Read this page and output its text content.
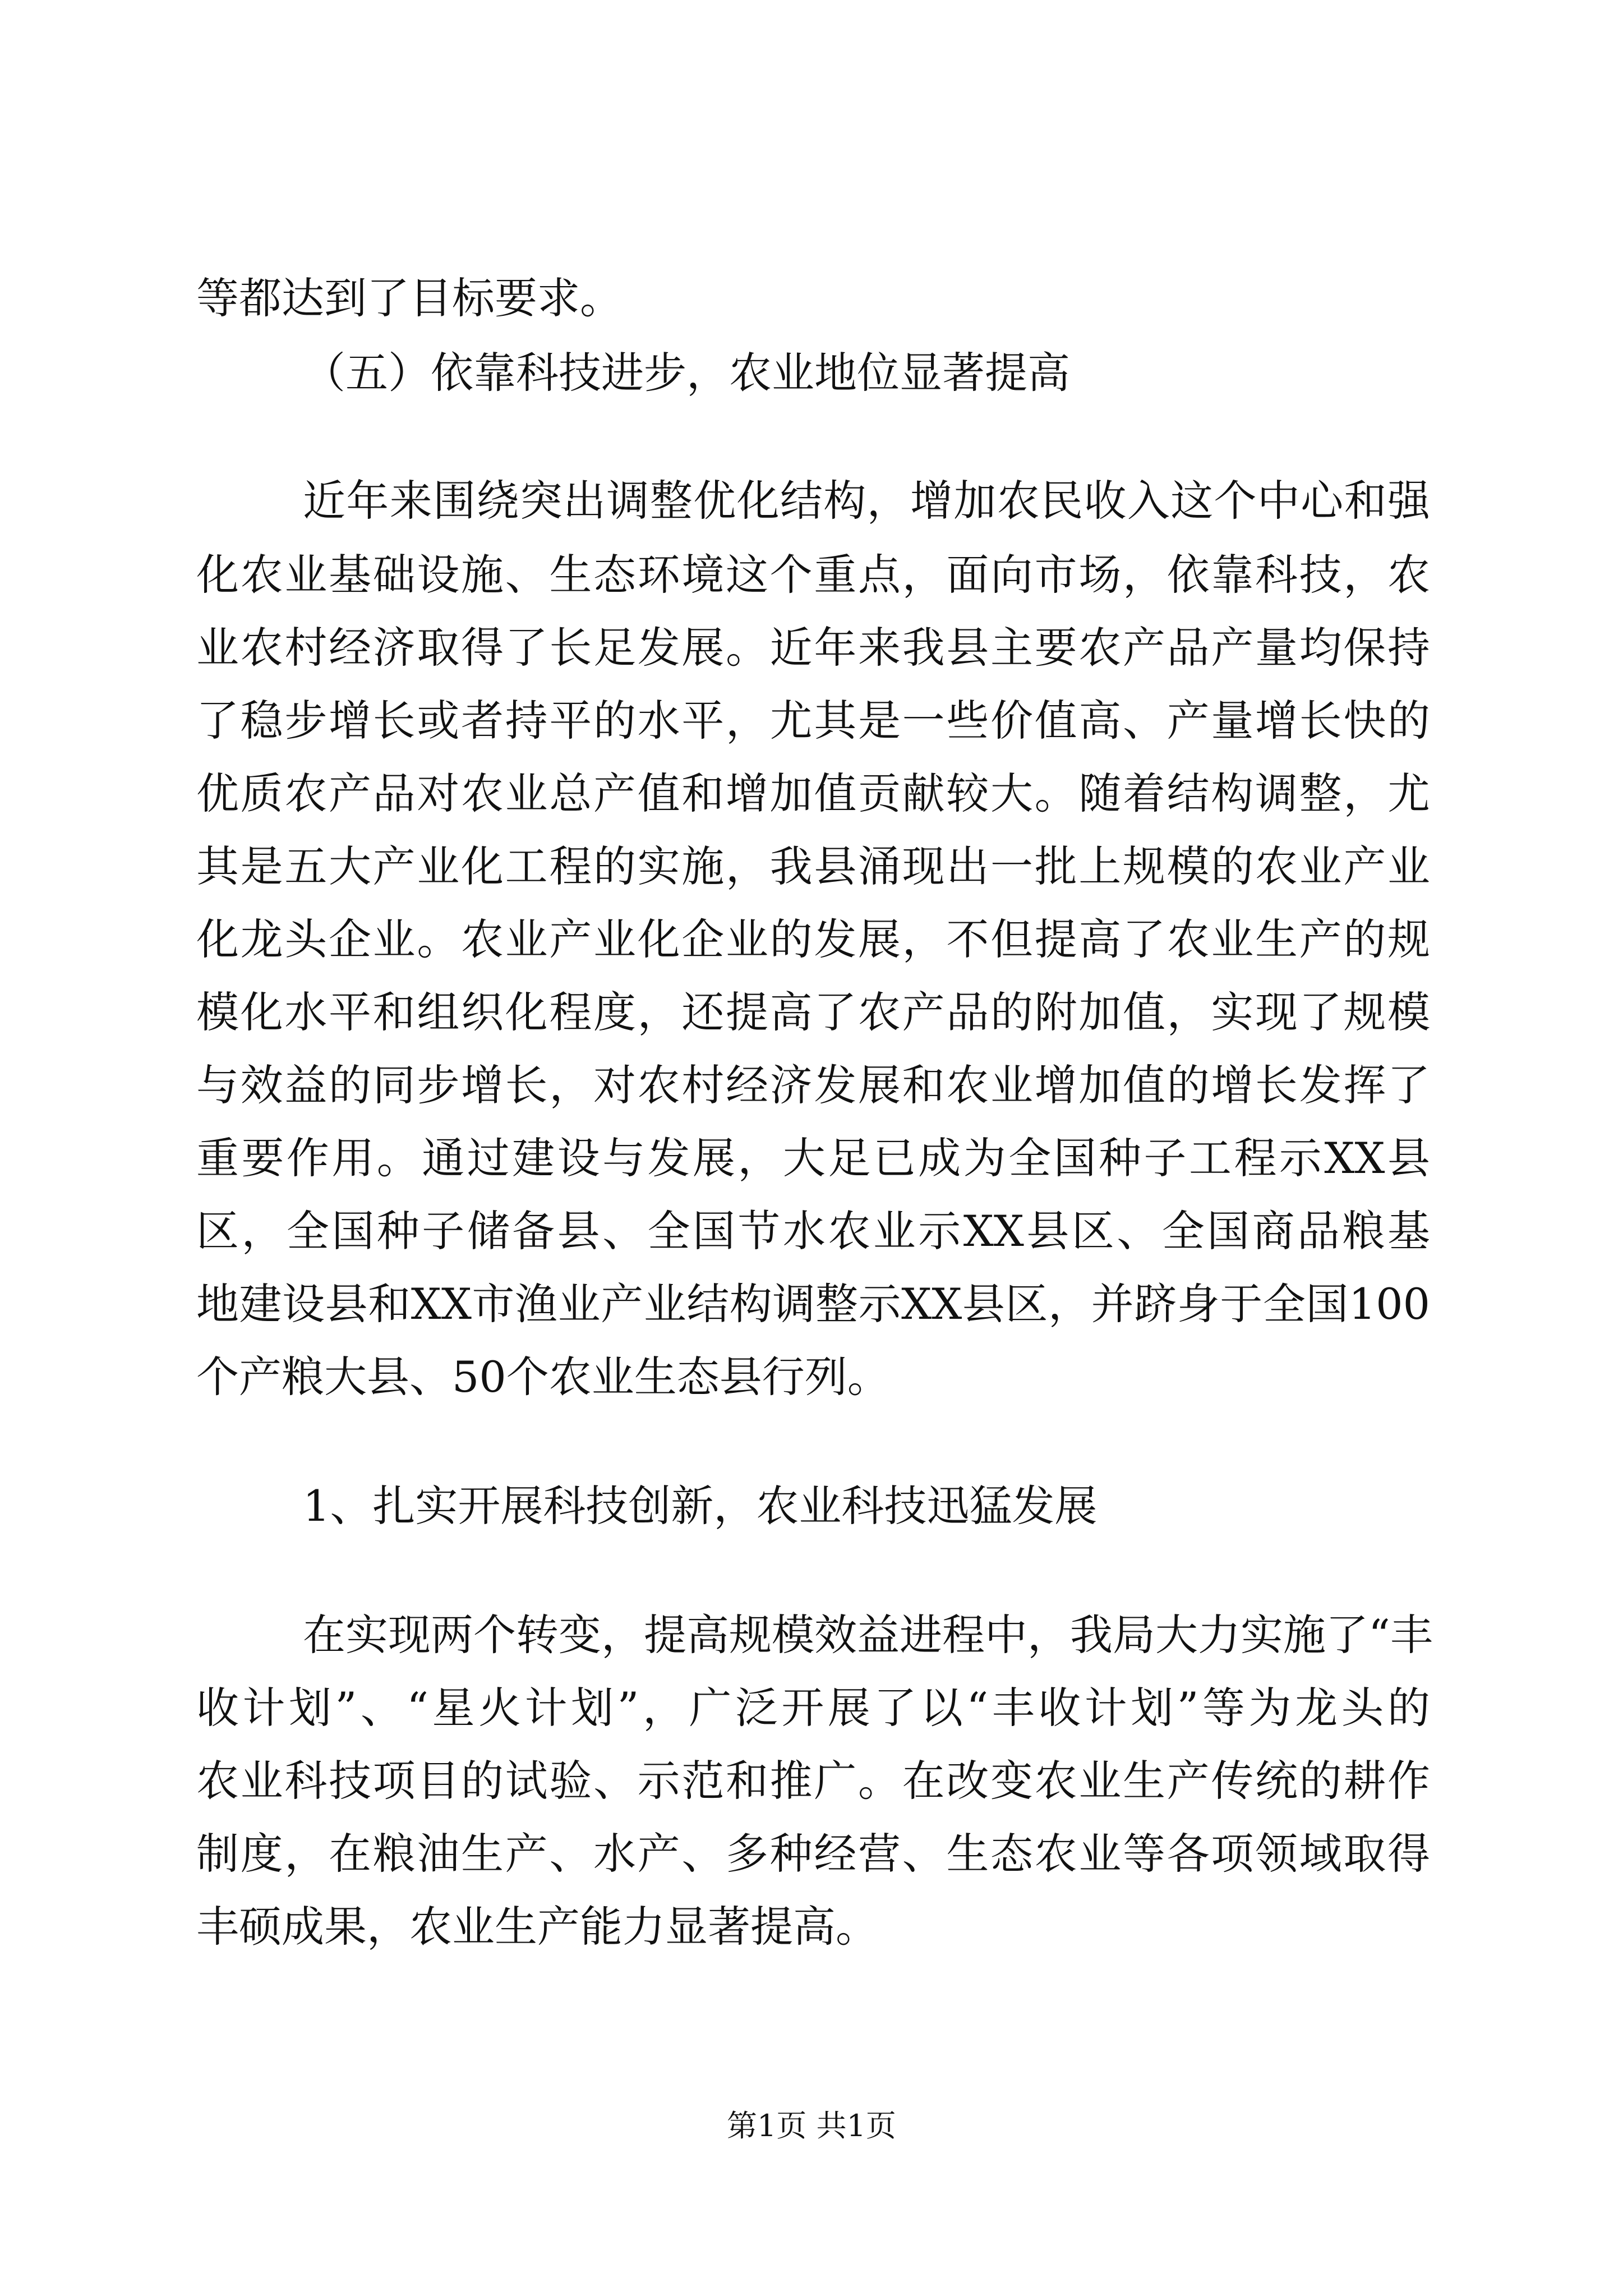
等都达到了目标要求。
（五）依靠科技进步，农业地位显著提高
近年来围绕突出调整优化结构，增加农民收入这个中心和强
化农业基础设施、生态环境这个重点，面向市场，依靠科技，农
业农村经济取得了长足发展。近年来我县主要农产品产量均保持
了稳步增长或者持平的水平，尤其是一些价值高、产量增长快的
优质农产品对农业总产值和增加值贡献较大。随着结构调整，尤
其是五大产业化工程的实施，我县涌现出一批上规模的农业产业
化龙头企业。农业产业化企业的发展，不但提高了农业生产的规
模化水平和组织化程度，还提高了农产品的附加值，实现了规模
与效益的同步增长，对农村经济发展和农业增加值的增长发挥了
重要作用。通过建设与发展，大足已成为全国种子工程示XX县
区，全国种子储备县、全国节水农业示XX县区、全国商品粮基
地建设县和XX市渔业产业结构调整示XX县区，并跻身于全国100
个产粮大县、50个农业生态县行列。
1、扎实开展科技创新，农业科技迅猛发展
在实现两个转变，提高规模效益进程中，我局大力实施了“丰
收计划”、“星火计划”，广泛开展了以“丰收计划”等为龙头的
农业科技项目的试验、示范和推广。在改变农业生产传统的耕作
制度，在粮油生产、水产、多种经营、生态农业等各项领域取得
丰硕成果，农业生产能力显著提高。
第1页 共1页
